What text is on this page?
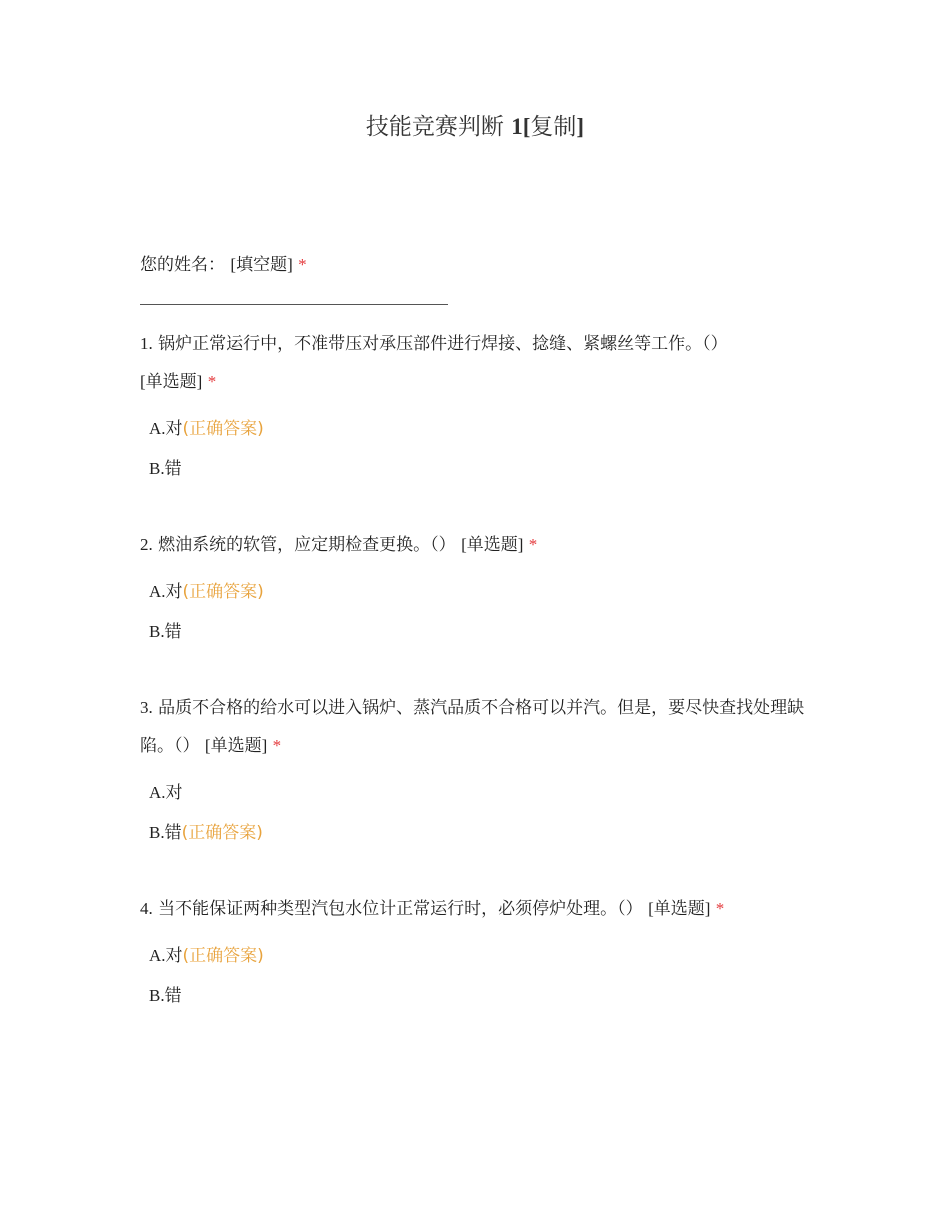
技能竞赛判断 1[复制]
您的姓名： [填空题] *
1. 锅炉正常运行中，不准带压对承压部件进行焊接、捻缝、紧螺丝等工作。（）
[单选题] *
A.对(正确答案)
B.错
2. 燃油系统的软管，应定期检查更换。（） [单选题] *
A.对(正确答案)
B.错
3. 品质不合格的给水可以进入锅炉、蒸汽品质不合格可以并汽。但是，要尽快查找处理缺陷。（） [单选题] *
A.对
B.错(正确答案)
4. 当不能保证两种类型汽包水位计正常运行时，必须停炉处理。（） [单选题] *
A.对(正确答案)
B.错
